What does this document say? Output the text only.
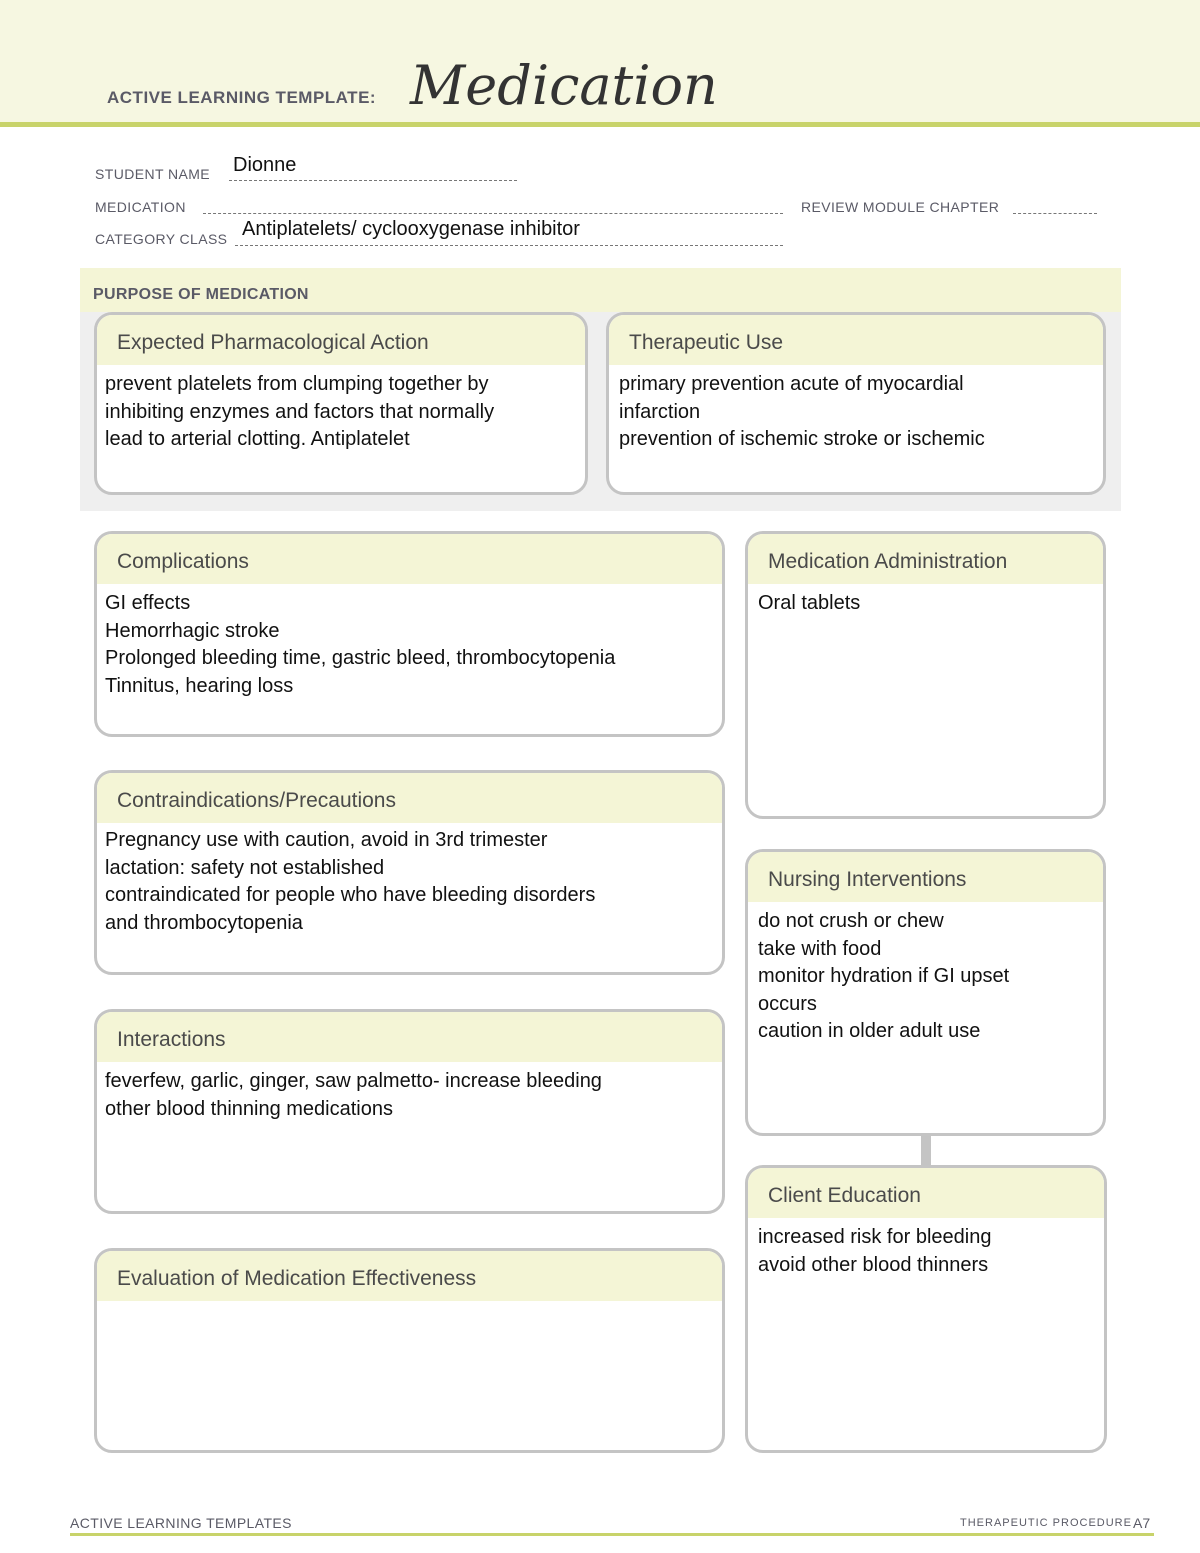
ACTIVE LEARNING TEMPLATE: Medication
STUDENT NAME Dionne
MEDICATION	REVIEW MODULE CHAPTER
CATEGORY CLASS Antiplatelets/ cyclooxygenase inhibitor
PURPOSE OF MEDICATION
Expected Pharmacological Action
prevent platelets from clumping together by
inhibiting enzymes and factors that normally
lead to arterial clotting. Antiplatelet
Therapeutic Use
primary prevention acute of myocardial
infarction
prevention of ischemic stroke or ischemic
Complications
GI effects
Hemorrhagic stroke
Prolonged bleeding time, gastric bleed, thrombocytopenia
Tinnitus, hearing loss
Medication Administration
Oral tablets
Contraindications/Precautions
Pregnancy use with caution, avoid in 3rd trimester
lactation: safety not established
contraindicated for people who have bleeding disorders
and thrombocytopenia
Nursing Interventions
do not crush or chew
take with food
monitor hydration if GI upset
occurs
caution in older adult use
Interactions
feverfew, garlic, ginger, saw palmetto- increase bleeding
other blood thinning medications
Client Education
increased risk for bleeding
avoid other blood thinners
Evaluation of Medication Effectiveness
ACTIVE LEARNING TEMPLATES	THERAPEUTIC PROCEDURE A7
